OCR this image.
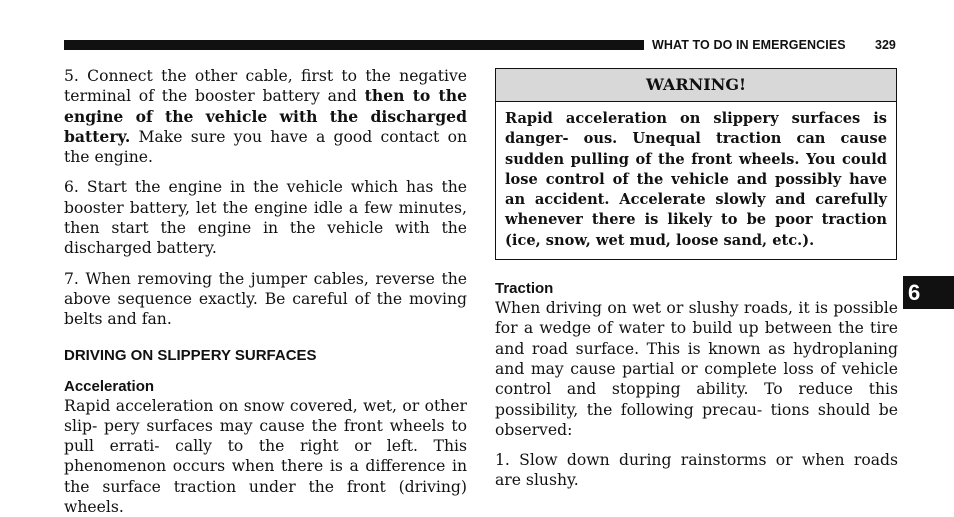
WHAT TO DO IN EMERGENCIES 329

5. Connect the other cable, first to the negative terminal of the booster battery and then to the engine of the vehicle with the discharged battery. Make sure you have a good contact on the engine.

6. Start the engine in the vehicle which has the booster battery, let the engine idle a few minutes, then start the engine in the vehicle with the discharged battery.

7. When removing the jumper cables, reverse the above sequence exactly. Be careful of the moving belts and fan.

DRIVING ON SLIPPERY SURFACES
Acceleration

Rapid acceleration on snow covered, wet, or other slip- pery surfaces may cause the front wheels to pull errati- cally to the right or left. This phenomenon occurs when there is a difference in the surface traction under the front (driving) wheels.

WARNING!
Rapid acceleration on slippery surfaces is danger- ous. Unequal traction can cause sudden pulling of the front wheels. You could lose control of the vehicle and possibly have an accident. Accelerate slowly and carefully whenever there is likely to be poor traction (ice, snow, wet mud, loose sand, etc.).
Traction

When driving on wet or slushy roads, it is possible for a wedge of water to build up between the tire and road surface. This is known as hydroplaning and may cause partial or complete loss of vehicle control and stopping ability. To reduce this possibility, the following precau- tions should be observed:

1. Slow down during rainstorms or when roads are slushy.

6
